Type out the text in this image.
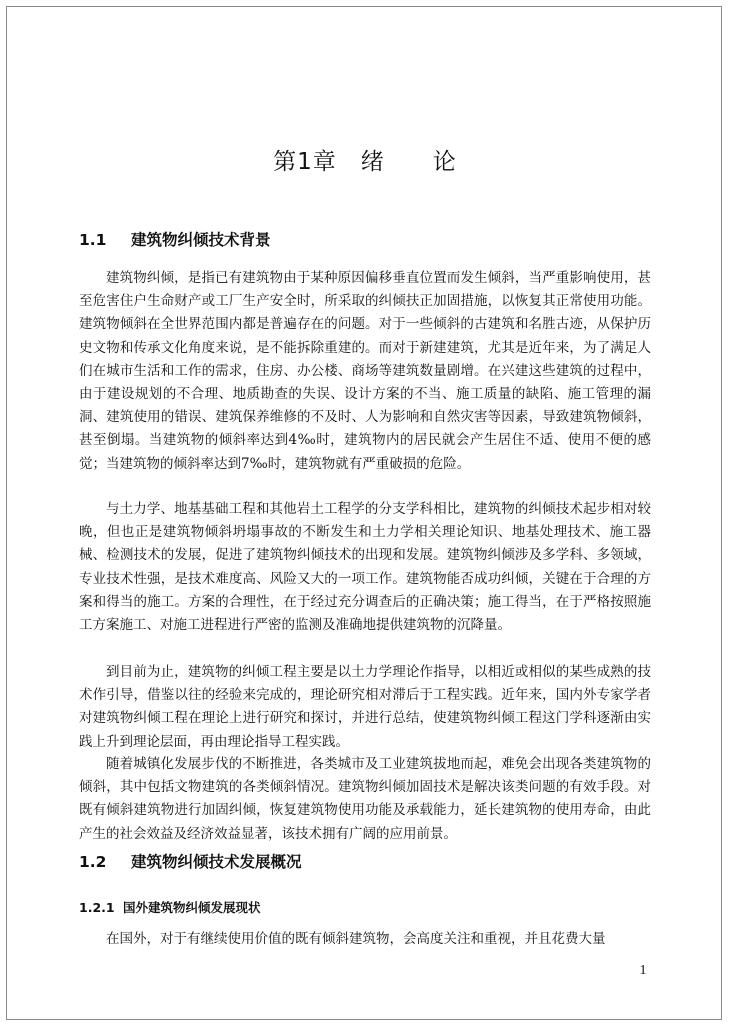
第1章　绪　　论
1.1 建筑物纠倾技术背景

建筑物纠倾，是指已有建筑物由于某种原因偏移垂直位置而发生倾斜，当严重影响使用，甚至危害住户生命财产或工厂生产安全时，所采取的纠倾扶正加固措施，以恢复其正常使用功能。建筑物倾斜在全世界范围内都是普遍存在的问题。对于一些倾斜的古建筑和名胜古迹，从保护历史文物和传承文化角度来说，是不能拆除重建的。而对于新建建筑，尤其是近年来，为了满足人们在城市生活和工作的需求，住房、办公楼、商场等建筑数量剧增。在兴建这些建筑的过程中，由于建设规划的不合理、地质勘查的失误、设计方案的不当、施工质量的缺陷、施工管理的漏洞、建筑使用的错误、建筑保养维修的不及时、人为影响和自然灾害等因素，导致建筑物倾斜，甚至倒塌。当建筑物的倾斜率达到4‰时，建筑物内的居民就会产生居住不适、使用不便的感觉；当建筑物的倾斜率达到7‰时，建筑物就有严重破损的危险。

与土力学、地基基础工程和其他岩土工程学的分支学科相比，建筑物的纠倾技术起步相对较晚，但也正是建筑物倾斜坍塌事故的不断发生和土力学相关理论知识、地基处理技术、施工器械、检测技术的发展，促进了建筑物纠倾技术的出现和发展。建筑物纠倾涉及多学科、多领域，专业技术性强，是技术难度高、风险又大的一项工作。建筑物能否成功纠倾，关键在于合理的方案和得当的施工。方案的合理性，在于经过充分调查后的正确决策；施工得当，在于严格按照施工方案施工、对施工进程进行严密的监测及准确地提供建筑物的沉降量。

到目前为止，建筑物的纠倾工程主要是以土力学理论作指导，以相近或相似的某些成熟的技术作引导，借鉴以往的经验来完成的，理论研究相对滞后于工程实践。近年来，国内外专家学者对建筑物纠倾工程在理论上进行研究和探讨，并进行总结，使建筑物纠倾工程这门学科逐渐由实践上升到理论层面，再由理论指导工程实践。

随着城镇化发展步伐的不断推进，各类城市及工业建筑拔地而起，难免会出现各类建筑物的倾斜，其中包括文物建筑的各类倾斜情况。建筑物纠倾加固技术是解决该类问题的有效手段。对既有倾斜建筑物进行加固纠倾，恢复建筑物使用功能及承载能力，延长建筑物的使用寿命，由此产生的社会效益及经济效益显著，该技术拥有广阔的应用前景。

1.2 建筑物纠倾技术发展概况
1.2.1 国外建筑物纠倾发展现状

在国外，对于有继续使用价值的既有倾斜建筑物，会高度关注和重视，并且花费大量

1
